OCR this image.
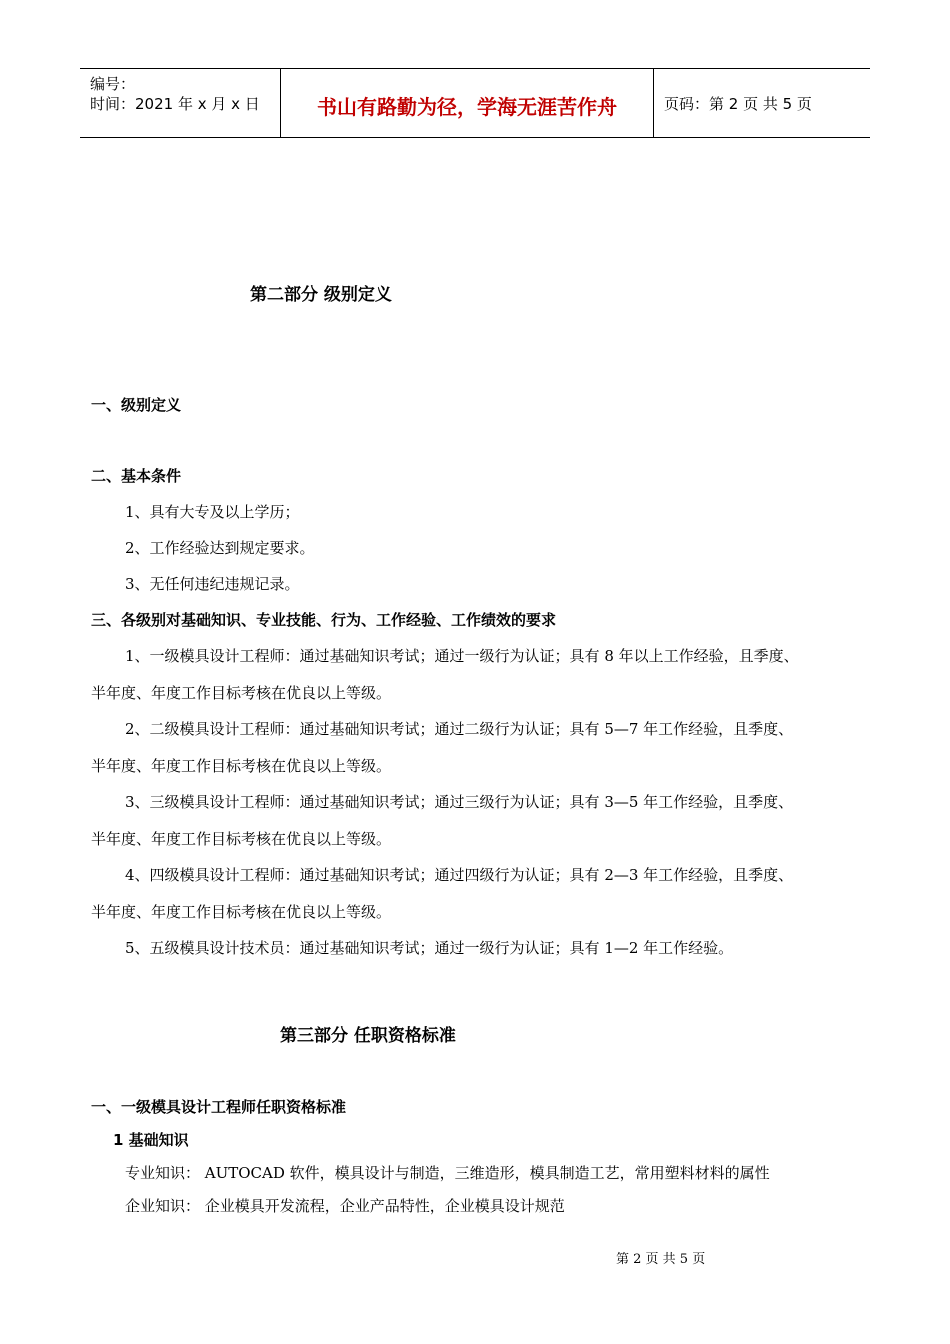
编号：
时间：2021 年 x 月 x 日	书山有路勤为径，学海无涯苦作舟	页码：第 2 页 共 5 页
第二部分 级别定义
一、级别定义
二、基本条件
1、具有大专及以上学历；
2、工作经验达到规定要求。
3、无任何违纪违规记录。
三、各级别对基础知识、专业技能、行为、工作经验、工作绩效的要求
1、一级模具设计工程师：通过基础知识考试；通过一级行为认证；具有 8 年以上工作经验，且季度、
半年度、年度工作目标考核在优良以上等级。
2、二级模具设计工程师：通过基础知识考试；通过二级行为认证；具有 5—7 年工作经验，且季度、
半年度、年度工作目标考核在优良以上等级。
3、三级模具设计工程师：通过基础知识考试；通过三级行为认证；具有 3—5 年工作经验，且季度、
半年度、年度工作目标考核在优良以上等级。
4、四级模具设计工程师：通过基础知识考试；通过四级行为认证；具有 2—3 年工作经验，且季度、
半年度、年度工作目标考核在优良以上等级。
5、五级模具设计技术员：通过基础知识考试；通过一级行为认证；具有 1—2 年工作经验。
第三部分 任职资格标准
一、一级模具设计工程师任职资格标准
1 基础知识
专业知识： AUTOCAD 软件，模具设计与制造，三维造形，模具制造工艺，常用塑料材料的属性
企业知识： 企业模具开发流程，企业产品特性，企业模具设计规范
第 2 页 共 5 页
